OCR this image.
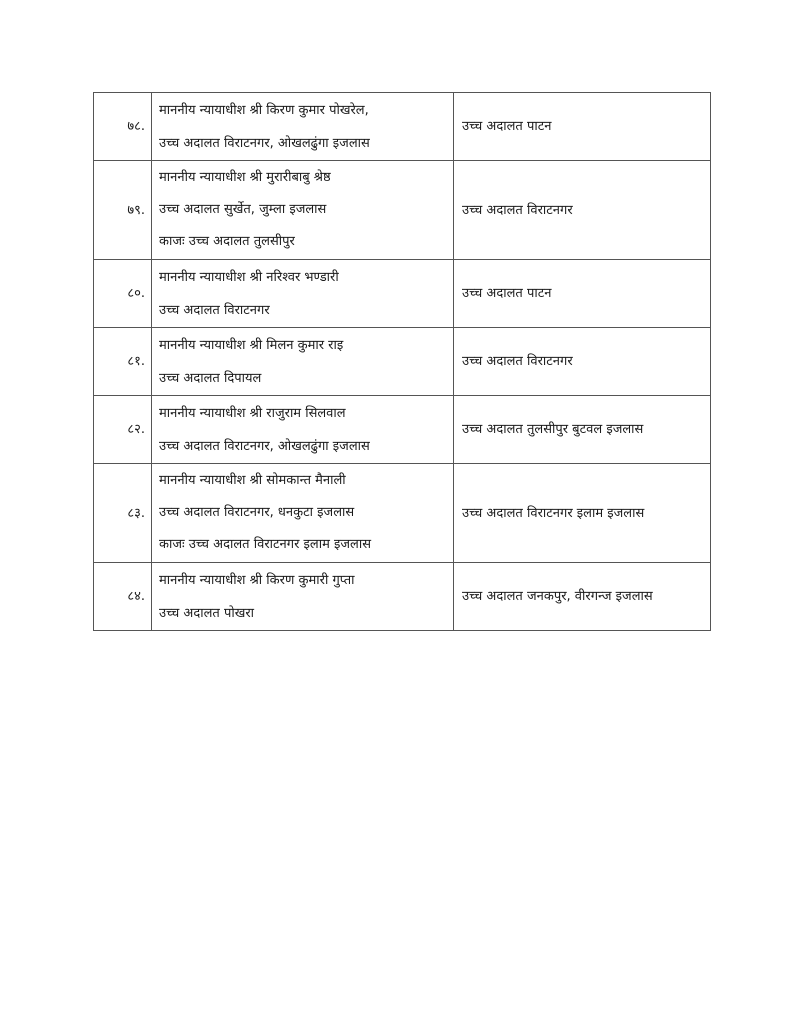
७८.	माननीय न्यायाधीश श्री किरण कुमार पोखरेल,
उच्च अदालत विराटनगर, ओखलढुंगा इजलास	उच्च अदालत पाटन
७९.	माननीय न्यायाधीश श्री मुरारीबाबु श्रेष्ठ
उच्च अदालत सुर्खेत, जुम्ला इजलास
काजः उच्च अदालत तुलसीपुर	उच्च अदालत विराटनगर
८०.	माननीय न्यायाधीश श्री नरिश्वर भण्डारी
उच्च अदालत विराटनगर	उच्च अदालत पाटन
८१.	माननीय न्यायाधीश श्री मिलन कुमार राइ
उच्च अदालत दिपायल	उच्च अदालत विराटनगर
८२.	माननीय न्यायाधीश श्री राजुराम सिलवाल
उच्च अदालत विराटनगर, ओखलढुंगा इजलास	उच्च अदालत तुलसीपुर बुटवल इजलास
८३.	माननीय न्यायाधीश श्री सोमकान्त मैनाली
उच्च अदालत विराटनगर, धनकुटा इजलास
काजः उच्च अदालत विराटनगर इलाम इजलास	उच्च अदालत विराटनगर इलाम इजलास
८४.	माननीय न्यायाधीश श्री किरण कुमारी गुप्ता
उच्च अदालत पोखरा	उच्च अदालत जनकपुर, वीरगन्ज इजलास
